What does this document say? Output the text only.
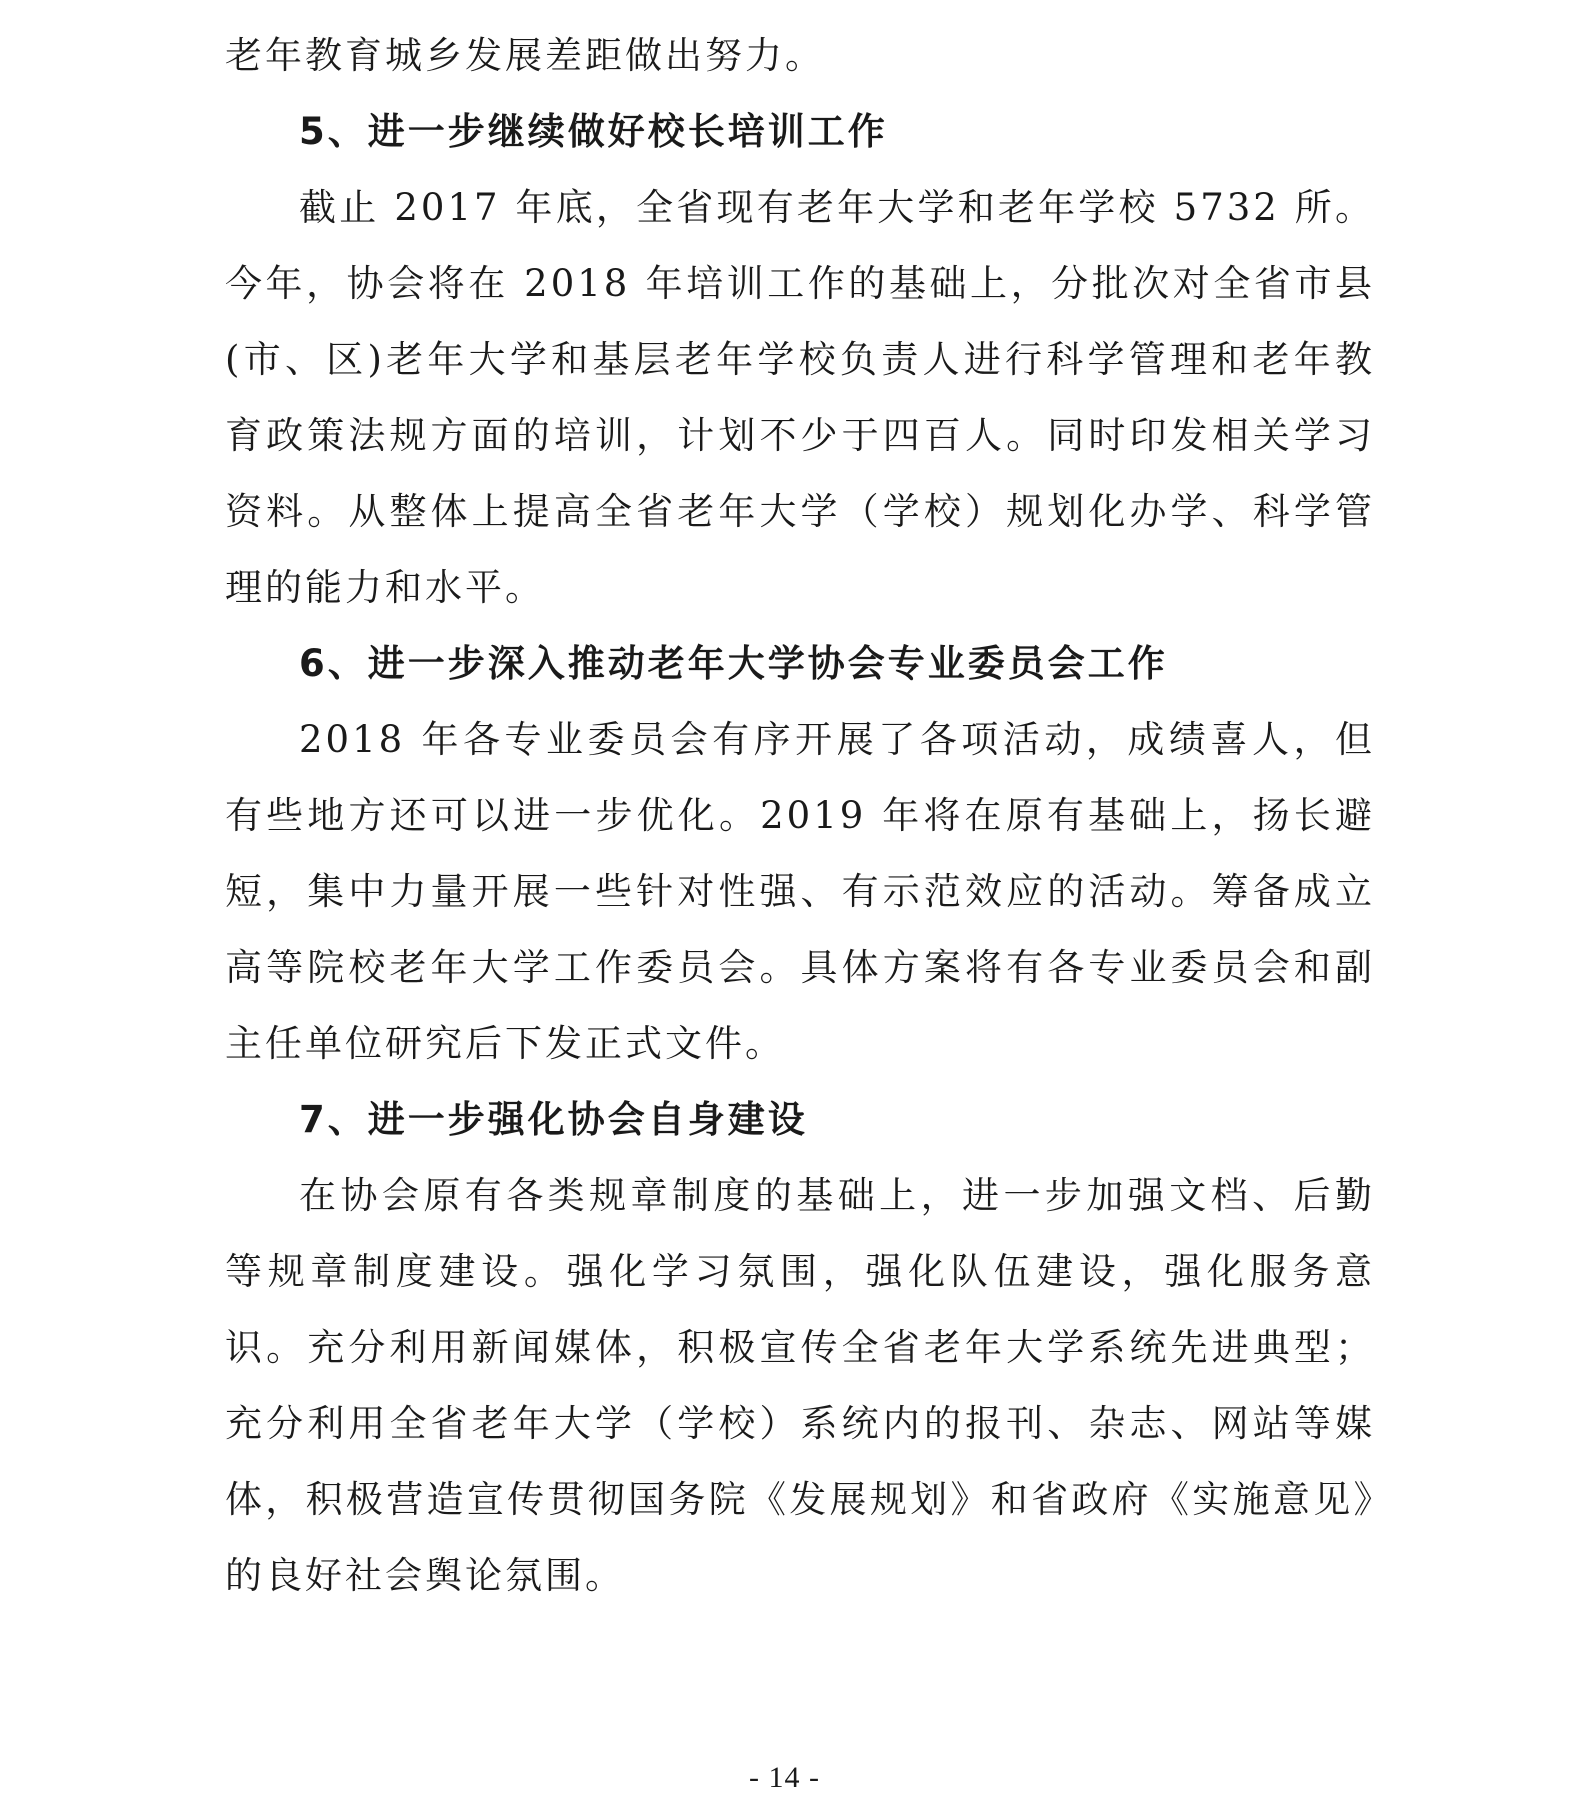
老年教育城乡发展差距做出努力。

5、进一步继续做好校长培训工作

截止 2017 年底，全省现有老年大学和老年学校 5732 所。今年，协会将在 2018 年培训工作的基础上，分批次对全省市县(市、区)老年大学和基层老年学校负责人进行科学管理和老年教育政策法规方面的培训，计划不少于四百人。同时印发相关学习资料。从整体上提高全省老年大学（学校）规划化办学、科学管理的能力和水平。

6、进一步深入推动老年大学协会专业委员会工作

2018 年各专业委员会有序开展了各项活动，成绩喜人，但有些地方还可以进一步优化。2019 年将在原有基础上，扬长避短，集中力量开展一些针对性强、有示范效应的活动。筹备成立高等院校老年大学工作委员会。具体方案将有各专业委员会和副主任单位研究后下发正式文件。

7、进一步强化协会自身建设

在协会原有各类规章制度的基础上，进一步加强文档、后勤等规章制度建设。强化学习氛围，强化队伍建设，强化服务意识。充分利用新闻媒体，积极宣传全省老年大学系统先进典型；充分利用全省老年大学（学校）系统内的报刊、杂志、网站等媒体，积极营造宣传贯彻国务院《发展规划》和省政府《实施意见》的良好社会舆论氛围。

- 14 -
